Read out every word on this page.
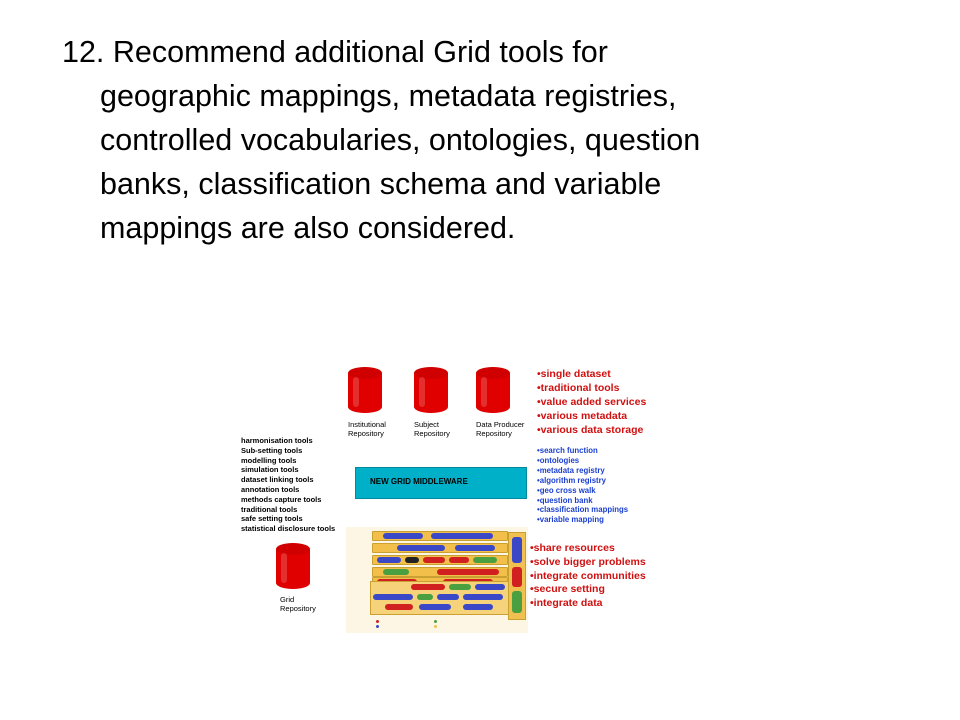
12. Recommend additional Grid tools for
geographic mappings, metadata registries,
controlled vocabularies, ontologies, question
banks, classification schema and variable
mappings are also considered.
Institutional
Repository
Subject
Repository
Data Producer
Repository
•single dataset
•traditional tools
•value added services
•various metadata
•various data storage
harmonisation tools
Sub-setting tools
modelling tools
simulation tools
dataset linking tools
annotation tools
methods capture tools
traditional tools
safe setting tools
statistical disclosure tools
NEW GRID MIDDLEWARE
•search function
•ontologies
•metadata registry
•algorithm registry
•geo cross walk
•question bank
•classification mappings
•variable mapping
Grid
Repository
•share resources
•solve bigger problems
•integrate communities
•secure setting
•integrate data
